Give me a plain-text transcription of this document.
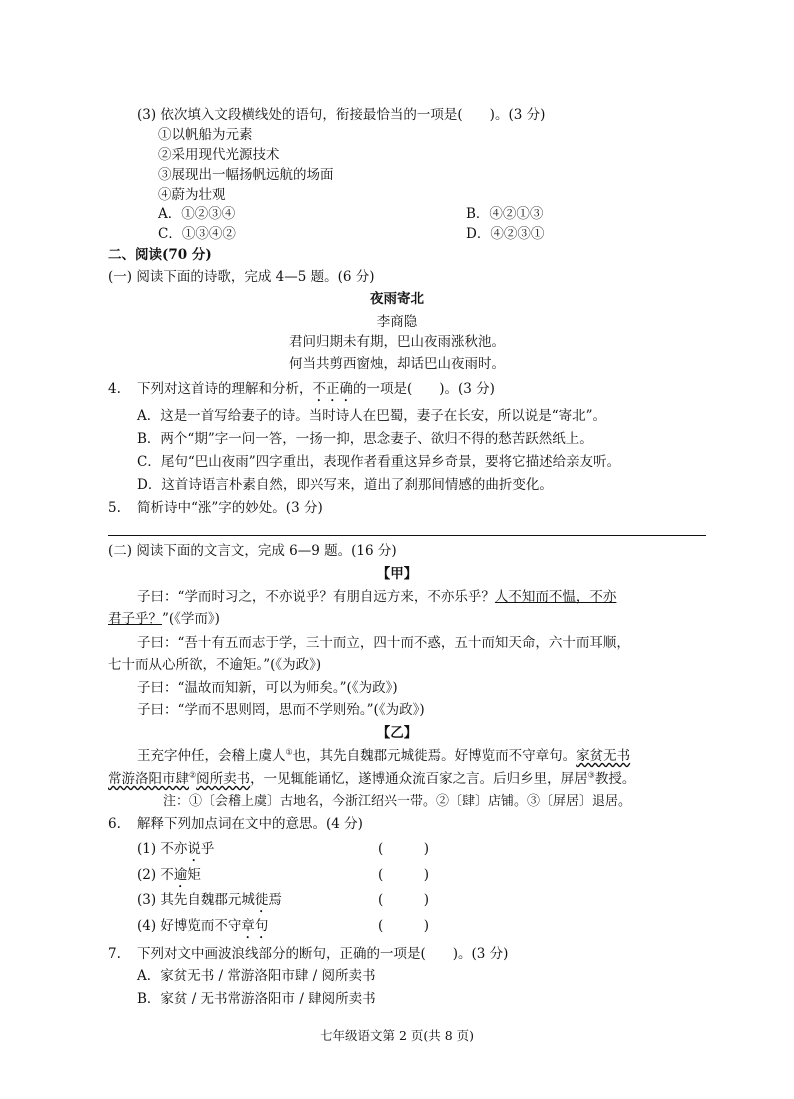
(3) 依次填入文段横线处的语句，衔接最恰当的一项是(　　)。(3 分)
①以帆船为元素
②采用现代光源技术
③展现出一幅扬帆远航的场面
④蔚为壮观
A．①②③④	B．④②①③
C．①③④②	D．④②③①
二、阅读(70 分)
(一) 阅读下面的诗歌，完成 4—5 题。(6 分)
夜雨寄北
李商隐
君问归期未有期，巴山夜雨涨秋池。
何当共剪西窗烛，却话巴山夜雨时。
4. 下列对这首诗的理解和分析，不正确的一项是(　　)。(3 分)
A．这是一首写给妻子的诗。当时诗人在巴蜀，妻子在长安，所以说是“寄北”。
B．两个“期”字一问一答，一扬一抑，思念妻子、欲归不得的愁苦跃然纸上。
C．尾句“巴山夜雨”四字重出，表现作者看重这异乡奇景，要将它描述给亲友听。
D．这首诗语言朴素自然，即兴写来，道出了刹那间情感的曲折变化。
5. 简析诗中“涨”字的妙处。(3 分)
(二) 阅读下面的文言文，完成 6—9 题。(16 分)
【甲】
子曰：“学而时习之，不亦说乎？有朋自远方来，不亦乐乎？人不知而不愠，不亦
君子乎？”(《学而》)
子曰：“吾十有五而志于学，三十而立，四十而不惑，五十而知天命，六十而耳顺，
七十而从心所欲，不逾矩。”(《为政》)
子曰：“温故而知新，可以为师矣。”(《为政》)
子曰：“学而不思则罔，思而不学则殆。”(《为政》)
【乙】
王充字仲任，会稽上虞人①也，其先自魏郡元城徙焉。好博览而不守章句。家贫无书
常游洛阳市肆②阅所卖书，一见辄能诵忆，遂博通众流百家之言。后归乡里，屏居③教授。
注：①〔会稽上虞〕古地名，今浙江绍兴一带。②〔肆〕店铺。③〔屏居〕退居。
6. 解释下列加点词在文中的意思。(4 分)
(1) 不亦说乎	(　　　)
(2) 不逾矩	(　　　)
(3) 其先自魏郡元城徙焉	(　　　)
(4) 好博览而不守章句	(　　　)
7. 下列对文中画波浪线部分的断句，正确的一项是(　　)。(3 分)
A．家贫无书 / 常游洛阳市肆 / 阅所卖书
B．家贫 / 无书常游洛阳市 / 肆阅所卖书
七年级语文第 2 页(共 8 页)
